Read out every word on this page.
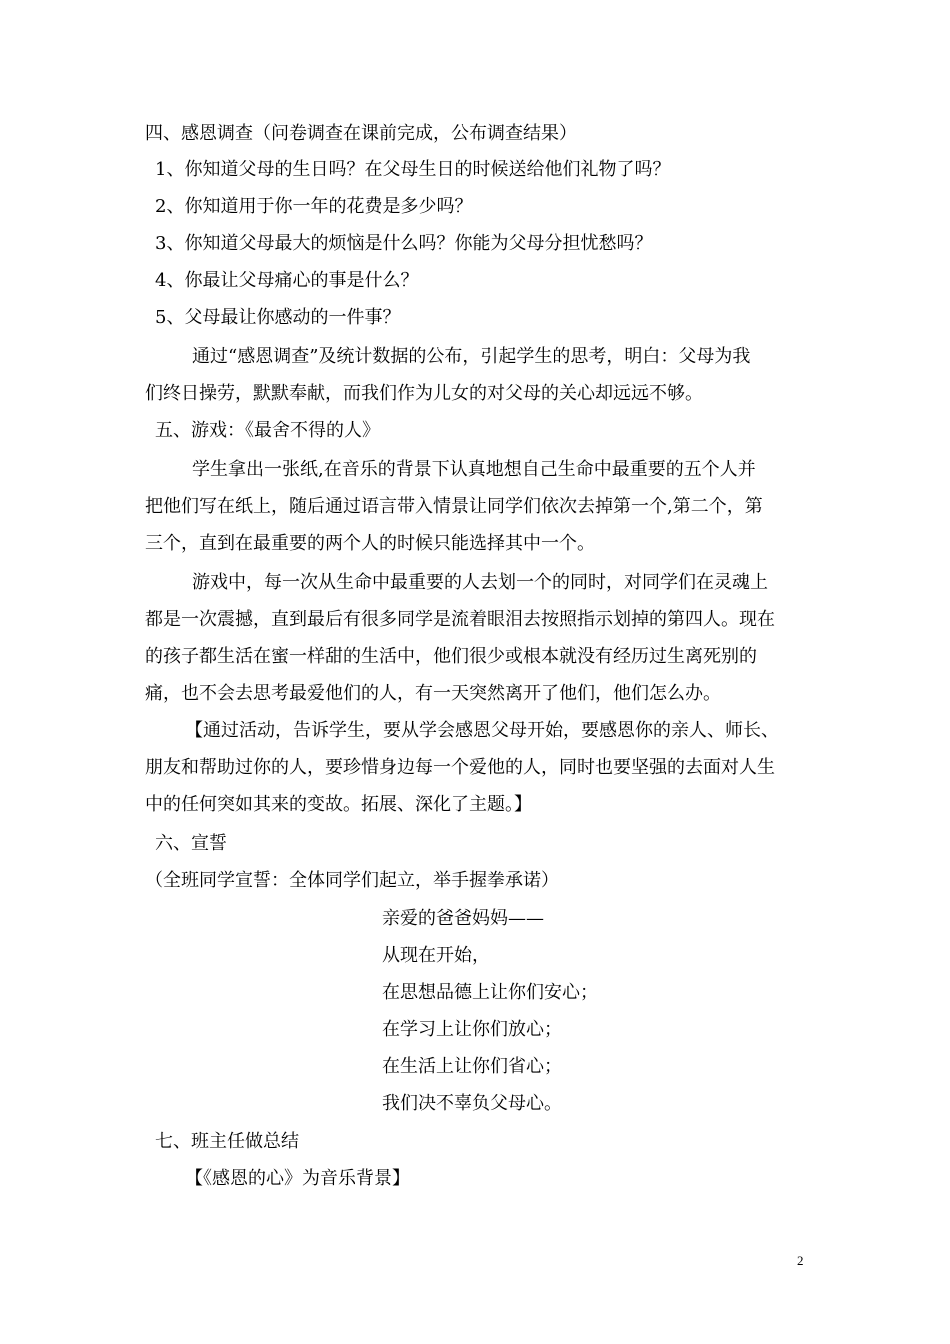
四、感恩调查（问卷调查在课前完成，公布调查结果）
1、你知道父母的生日吗？在父母生日的时候送给他们礼物了吗？
2、你知道用于你一年的花费是多少吗？
3、你知道父母最大的烦恼是什么吗？你能为父母分担忧愁吗？
4、你最让父母痛心的事是什么？
5、父母最让你感动的一件事？
通过“感恩调查”及统计数据的公布，引起学生的思考，明白：父母为我
们终日操劳，默默奉献，而我们作为儿女的对父母的关心却远远不够。
五、游戏：《最舍不得的人》
学生拿出一张纸,在音乐的背景下认真地想自己生命中最重要的五个人并
把他们写在纸上，随后通过语言带入情景让同学们依次去掉第一个,第二个，第
三个，直到在最重要的两个人的时候只能选择其中一个。
游戏中，每一次从生命中最重要的人去划一个的同时，对同学们在灵魂上
都是一次震撼，直到最后有很多同学是流着眼泪去按照指示划掉的第四人。现在
的孩子都生活在蜜一样甜的生活中，他们很少或根本就没有经历过生离死别的
痛，也不会去思考最爱他们的人，有一天突然离开了他们，他们怎么办。
【通过活动，告诉学生，要从学会感恩父母开始，要感恩你的亲人、师长、
朋友和帮助过你的人，要珍惜身边每一个爱他的人，同时也要坚强的去面对人生
中的任何突如其来的变故。拓展、深化了主题。】
六、宣誓
（全班同学宣誓：全体同学们起立，举手握拳承诺）
亲爱的爸爸妈妈——
从现在开始，
在思想品德上让你们安心；
在学习上让你们放心；
在生活上让你们省心；
我们决不辜负父母心。
七、班主任做总结
【《感恩的心》为音乐背景】
2
